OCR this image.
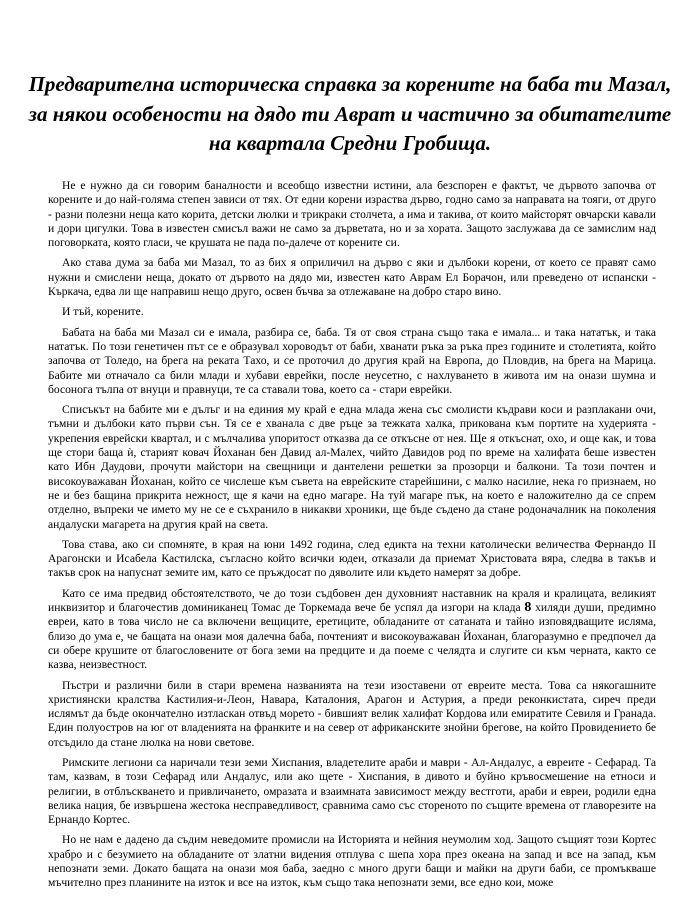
Предварителна историческа справка за корените на баба ти Мазал, за някои особености на дядо ти Аврат и частично за обитателите на квартала Средни Гробища.

Не е нужно да си говорим баналности и всеобщо известни истини, ала безспорен е фактът, че дървото започва от корените и до най-голяма степен зависи от тях. От едни корени израства дърво, годно само за направата на тояги, от друго - разни полезни неща като корита, детски люлки и трикраки столчета, а има и такива, от които майсторят овчарски кавали и дори цигулки. Това в известен смисъл важи не само за дърветата, но и за хората. Защото заслужава да се замислим над поговорката, която гласи, че крушата не пада по-далече от корените си.

Ако става дума за баба ми Мазал, то аз бих я оприличил на дърво с яки и дълбоки корени, от което се правят само нужни и смислени неща, докато от дървото на дядо ми, известен като Аврам Ел Борачон, или преведено от испански - Къркача, едва ли ще направиш нещо друго, освен бъчва за отлежаване на добро старо вино.

И тъй, корените.

Бабата на баба ми Мазал си е имала, разбира се, баба. Тя от своя страна също така е имала... и така нататък, и така нататък. По този генетичен път се е образувал хороводът от баби, хванати ръка за ръка през годините и столетията, който започва от Толедо, на брега на реката Тахо, и се проточил до другия край на Европа, до Пловдив, на брега на Марица. Бабите ми отначало са били млади и хубави еврейки, после неусетно, с нахлуването в живота им на онази шумна и босонога тълпа от внуци и правнуци, те са ставали това, което са - стари еврейки.

Списъкът на бабите ми е дълъг и на единия му край е една млада жена със смолисти къдрави коси и разплакани очи, тъмни и дълбоки като първи сън. Тя се е хванала с две ръце за тежката халка, прикована към портите на худерията - укрепения еврейски квартал, и с мълчалива упоритост отказва да се откъсне от нея. Ще я откъснат, охо, и още как, и това ще стори баща ѝ, старият ковач Йоханан бен Давид ал-Малех, чийто Давидов род по време на халифата беше известен като Ибн Даудови, прочути майстори на свещници и дантелени решетки за прозорци и балкони. Та този почтен и високоуважаван Йоханан, който се числеше към съвета на еврейските старейшини, с малко насилие, нека го признаем, но не и без бащина прикрита нежност, ще я качи на едно магаре. На туй магаре пък, на което е наложително да се спрем отделно, въпреки че името му не се е съхранило в никакви хроники, ще бъде съдено да стане родоначалник на поколения андалуски магарета на другия край на света.

Това става, ако си спомняте, в края на юни 1492 година, след едикта на техни католически величества Фернандо II Арагонски и Исабела Кастилска, съгласно който всички юдеи, отказали да приемат Христовата вяра, следва в такъв и такъв срок на напуснат земите им, като се пръждосат по дяволите или където намерят за добре.

Като се има предвид обстоятелството, че до този съдбовен ден духовният наставник на краля и кралицата, великият инквизитор и благочестив доминиканец Томас де Торкемада вече бе успял да изгори на клада 8 хиляди души, предимно евреи, като в това число не са включени вещиците, еретиците, обладаните от сатаната и тайно изповядващите исляма, близо до ума е, че бащата на онази моя далечна баба, почтеният и високоуважаван Йоханан, благоразумно е предпочел да си обере крушите от благословените от бога земи на предците и да поеме с челядта и слугите си към черната, както се казва, неизвестност.

Пъстри и различни били в стари времена названията на тези изоставени от евреите места. Това са някогашните християнски кралства Кастилия-и-Леон, Навара, Каталония, Арагон и Астурия, а преди реконкистата, сиреч преди ислямът да бъде окончателно изтласкан отвъд морето - бившият велик халифат Кордова или емиратите Севиля и Гранада. Един полуостров на юг от владенията на франките и на север от африканските знойни брегове, на който Провидението бе отсъдило да стане люлка на нови светове.

Римските легиони са наричали тези земи Хиспания, владетелите араби и маври - Ал-Андалус, а евреите - Сефарад. Та там, казвам, в този Сефарад или Андалус, или ако щете - Хиспания, в дивото и буйно кръвосмешение на етноси и религии, в отблъскването и привличането, омразата и взаимната зависимост между вестготи, араби и евреи, родили една велика нация, бе извършена жестока несправедливост, сравнима само със стореното по същите времена от главорезите на Ернандо Кортес.

Но не нам е дадено да съдим неведомите промисли на Историята и нейния неумолим ход. Защото същият този Кортес храбро и с безумието на обладаните от златни видения отплува с шепа хора през океана на запад и все на запад, към непознати земи. Докато бащата на онази моя баба, заедно с много други бащи и майки на други баби, се промъкваше мъчително през планините на изток и все на изток, към също така непознати земи, все едно кои, може
